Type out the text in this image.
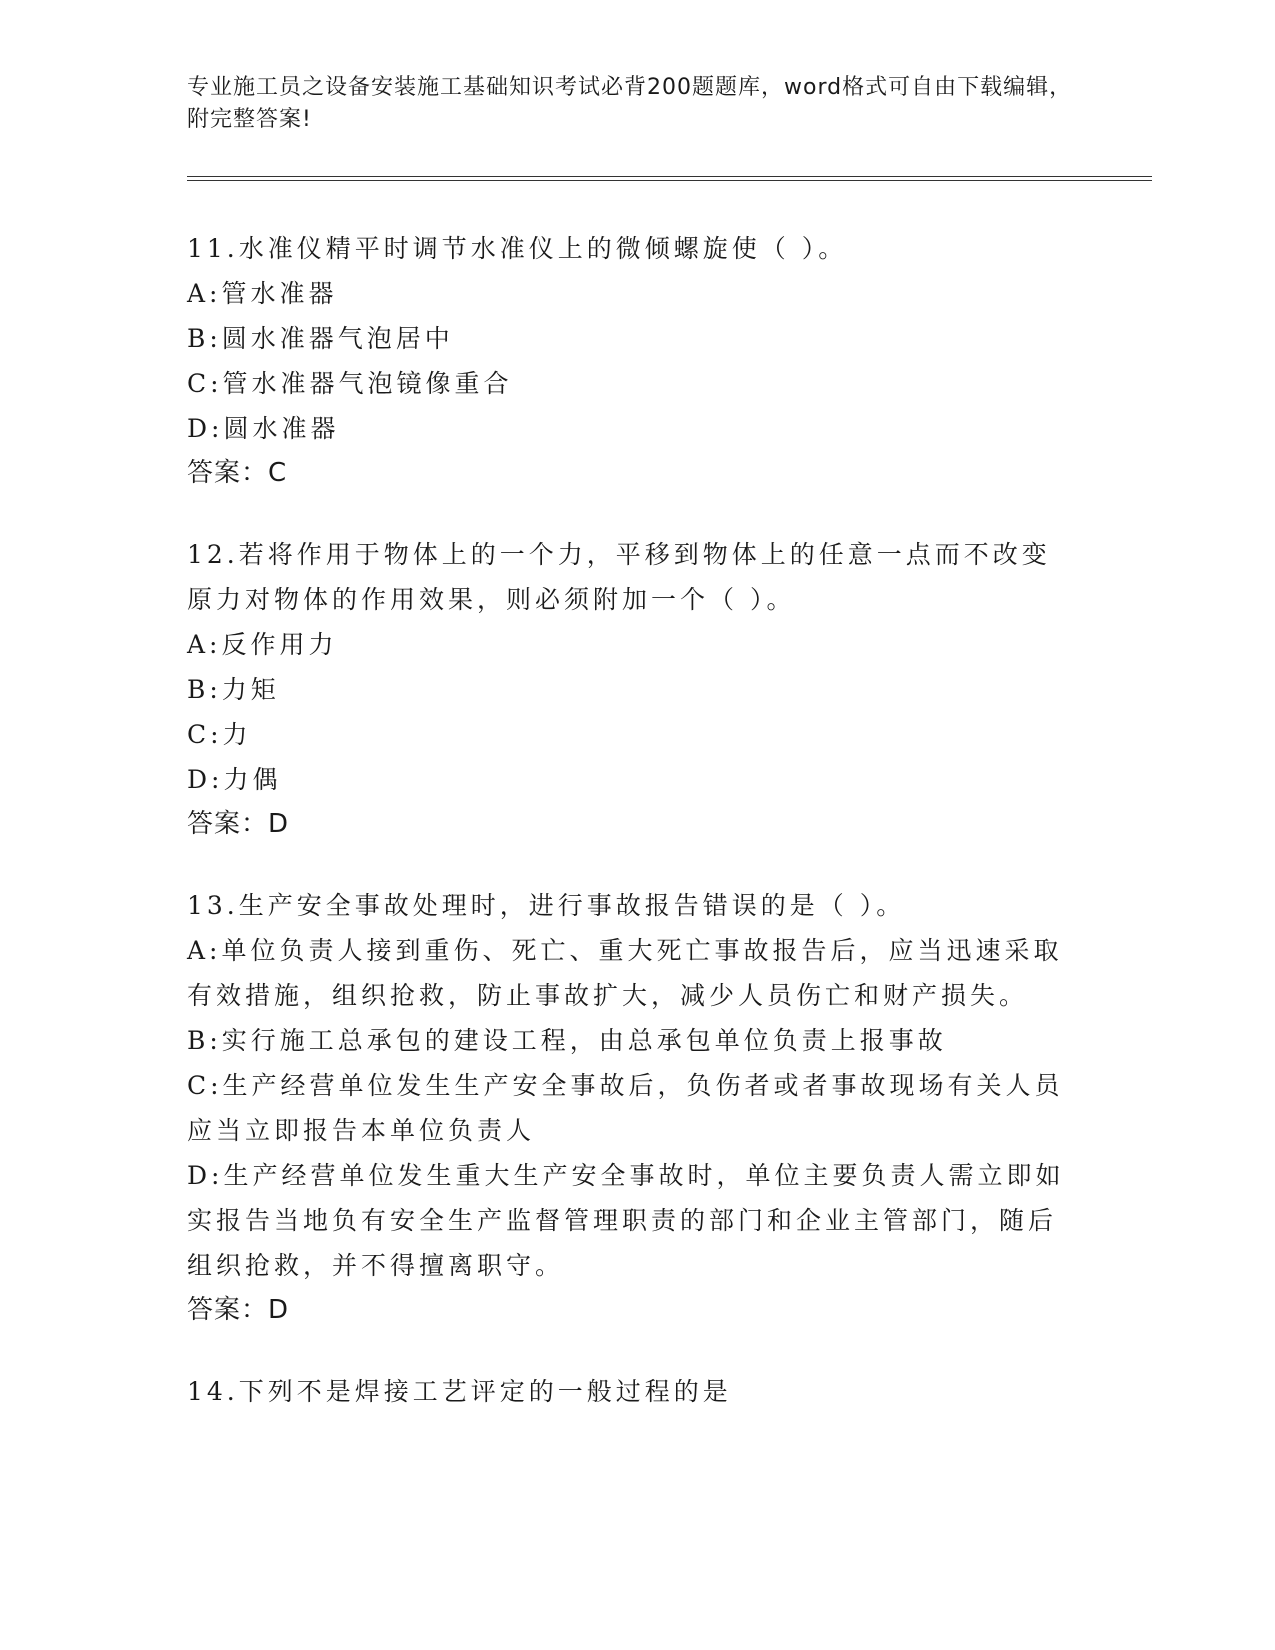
专业施工员之设备安装施工基础知识考试必背200题题库，word格式可自由下载编辑，附完整答案!
11.水准仪精平时调节水准仪上的微倾螺旋使（ ）。
A:管水准器
B:圆水准器气泡居中
C:管水准器气泡镜像重合
D:圆水准器
答案：C
12.若将作用于物体上的一个力，平移到物体上的任意一点而不改变原力对物体的作用效果，则必须附加一个（ ）。
A:反作用力
B:力矩
C:力
D:力偶
答案：D
13.生产安全事故处理时，进行事故报告错误的是（ ）。
A:单位负责人接到重伤、死亡、重大死亡事故报告后，应当迅速采取有效措施，组织抢救，防止事故扩大，减少人员伤亡和财产损失。
B:实行施工总承包的建设工程，由总承包单位负责上报事故
C:生产经营单位发生生产安全事故后，负伤者或者事故现场有关人员应当立即报告本单位负责人
D:生产经营单位发生重大生产安全事故时，单位主要负责人需立即如实报告当地负有安全生产监督管理职责的部门和企业主管部门，随后组织抢救，并不得擅离职守。
答案：D
14.下列不是焊接工艺评定的一般过程的是
